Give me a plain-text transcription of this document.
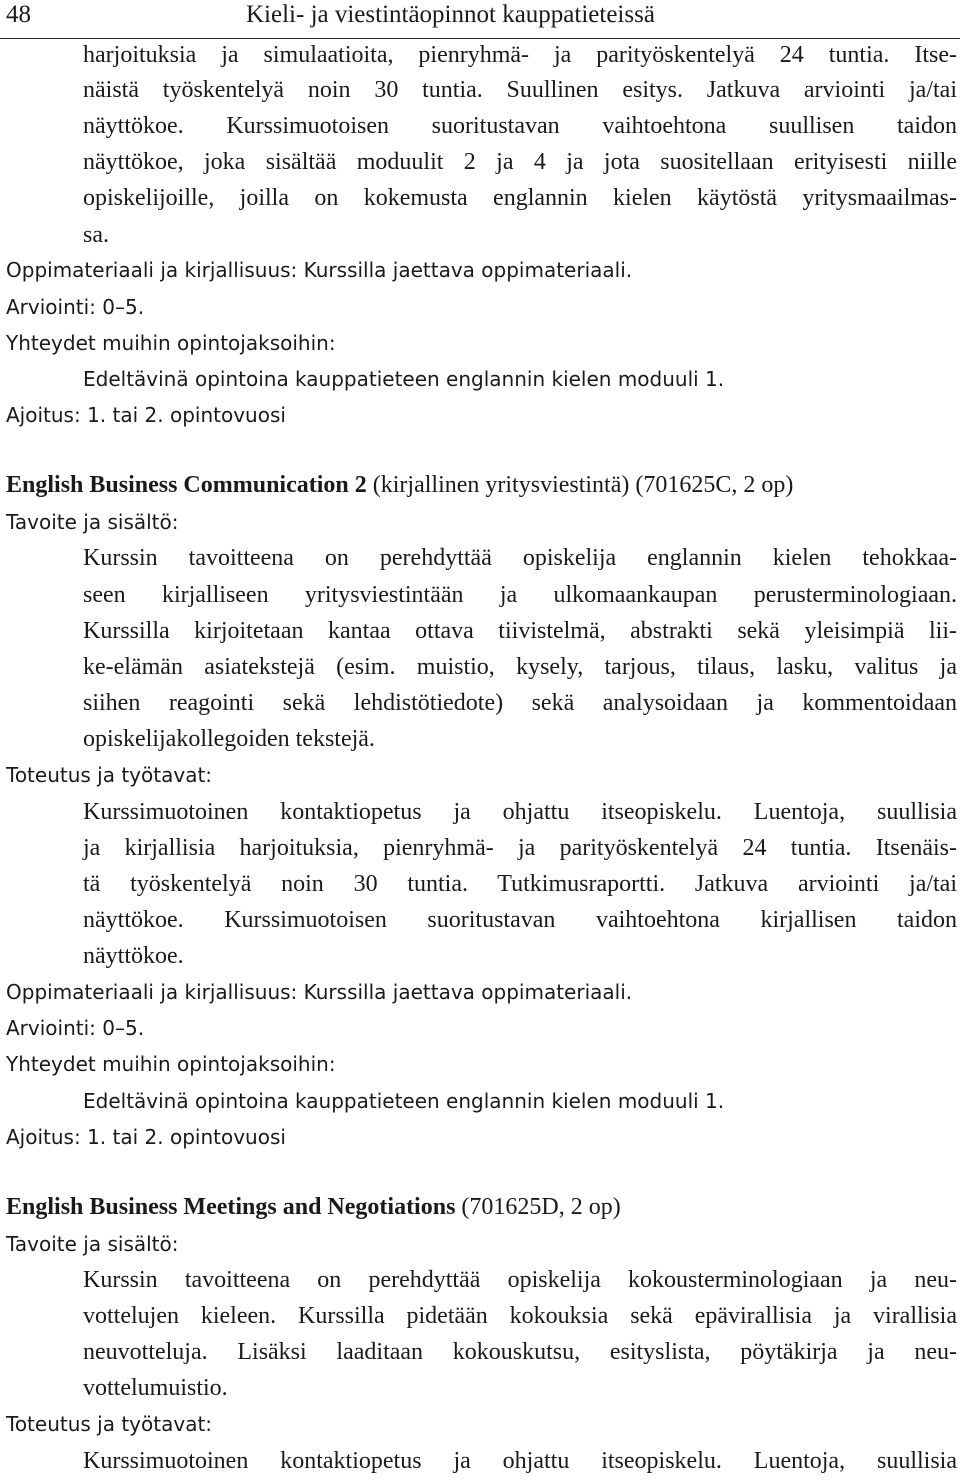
48	Kieli- ja viestintäopinnot kauppatieteissä
harjoituksia ja simulaatioita, pienryhmä- ja parityöskentelyä 24 tuntia. Itse-
näistä työskentelyä noin 30 tuntia. Suullinen esitys. Jatkuva arviointi ja/tai
näyttökoe. Kurssimuotoisen suoritustavan vaihtoehtona suullisen taidon
näyttökoe, joka sisältää moduulit 2 ja 4 ja jota suositellaan erityisesti niille
opiskelijoille, joilla on kokemusta englannin kielen käytöstä yritysmaailmas-
sa.
Oppimateriaali ja kirjallisuus: Kurssilla jaettava oppimateriaali.
Arviointi: 0–5.
Yhteydet muihin opintojaksoihin:
Edeltävinä opintoina kauppatieteen englannin kielen moduuli 1.
Ajoitus: 1. tai 2. opintovuosi
English Business Communication 2 (kirjallinen yritysviestintä) (701625C, 2 op)
Tavoite ja sisältö:
Kurssin tavoitteena on perehdyttää opiskelija englannin kielen tehokkaa-
seen kirjalliseen yritysviestintään ja ulkomaankaupan perusterminologiaan.
Kurssilla kirjoitetaan kantaa ottava tiivistelmä, abstrakti sekä yleisimpiä lii-
ke-elämän asiatekstejä (esim. muistio, kysely, tarjous, tilaus, lasku, valitus ja
siihen reagointi sekä lehdistötiedote) sekä analysoidaan ja kommentoidaan
opiskelijakollegoiden tekstejä.
Toteutus ja työtavat:
Kurssimuotoinen kontaktiopetus ja ohjattu itseopiskelu. Luentoja, suullisia
ja kirjallisia harjoituksia, pienryhmä- ja parityöskentelyä 24 tuntia. Itsenäis-
tä työskentelyä noin 30 tuntia. Tutkimusraportti. Jatkuva arviointi ja/tai
näyttökoe. Kurssimuotoisen suoritustavan vaihtoehtona kirjallisen taidon
näyttökoe.
Oppimateriaali ja kirjallisuus: Kurssilla jaettava oppimateriaali.
Arviointi: 0–5.
Yhteydet muihin opintojaksoihin:
Edeltävinä opintoina kauppatieteen englannin kielen moduuli 1.
Ajoitus: 1. tai 2. opintovuosi
English Business Meetings and Negotiations (701625D, 2 op)
Tavoite ja sisältö:
Kurssin tavoitteena on perehdyttää opiskelija kokousterminologiaan ja neu-
vottelujen kieleen. Kurssilla pidetään kokouksia sekä epävirallisia ja virallisia
neuvotteluja. Lisäksi laaditaan kokouskutsu, esityslista, pöytäkirja ja neu-
vottelumuistio.
Toteutus ja työtavat:
Kurssimuotoinen kontaktiopetus ja ohjattu itseopiskelu. Luentoja, suullisia
